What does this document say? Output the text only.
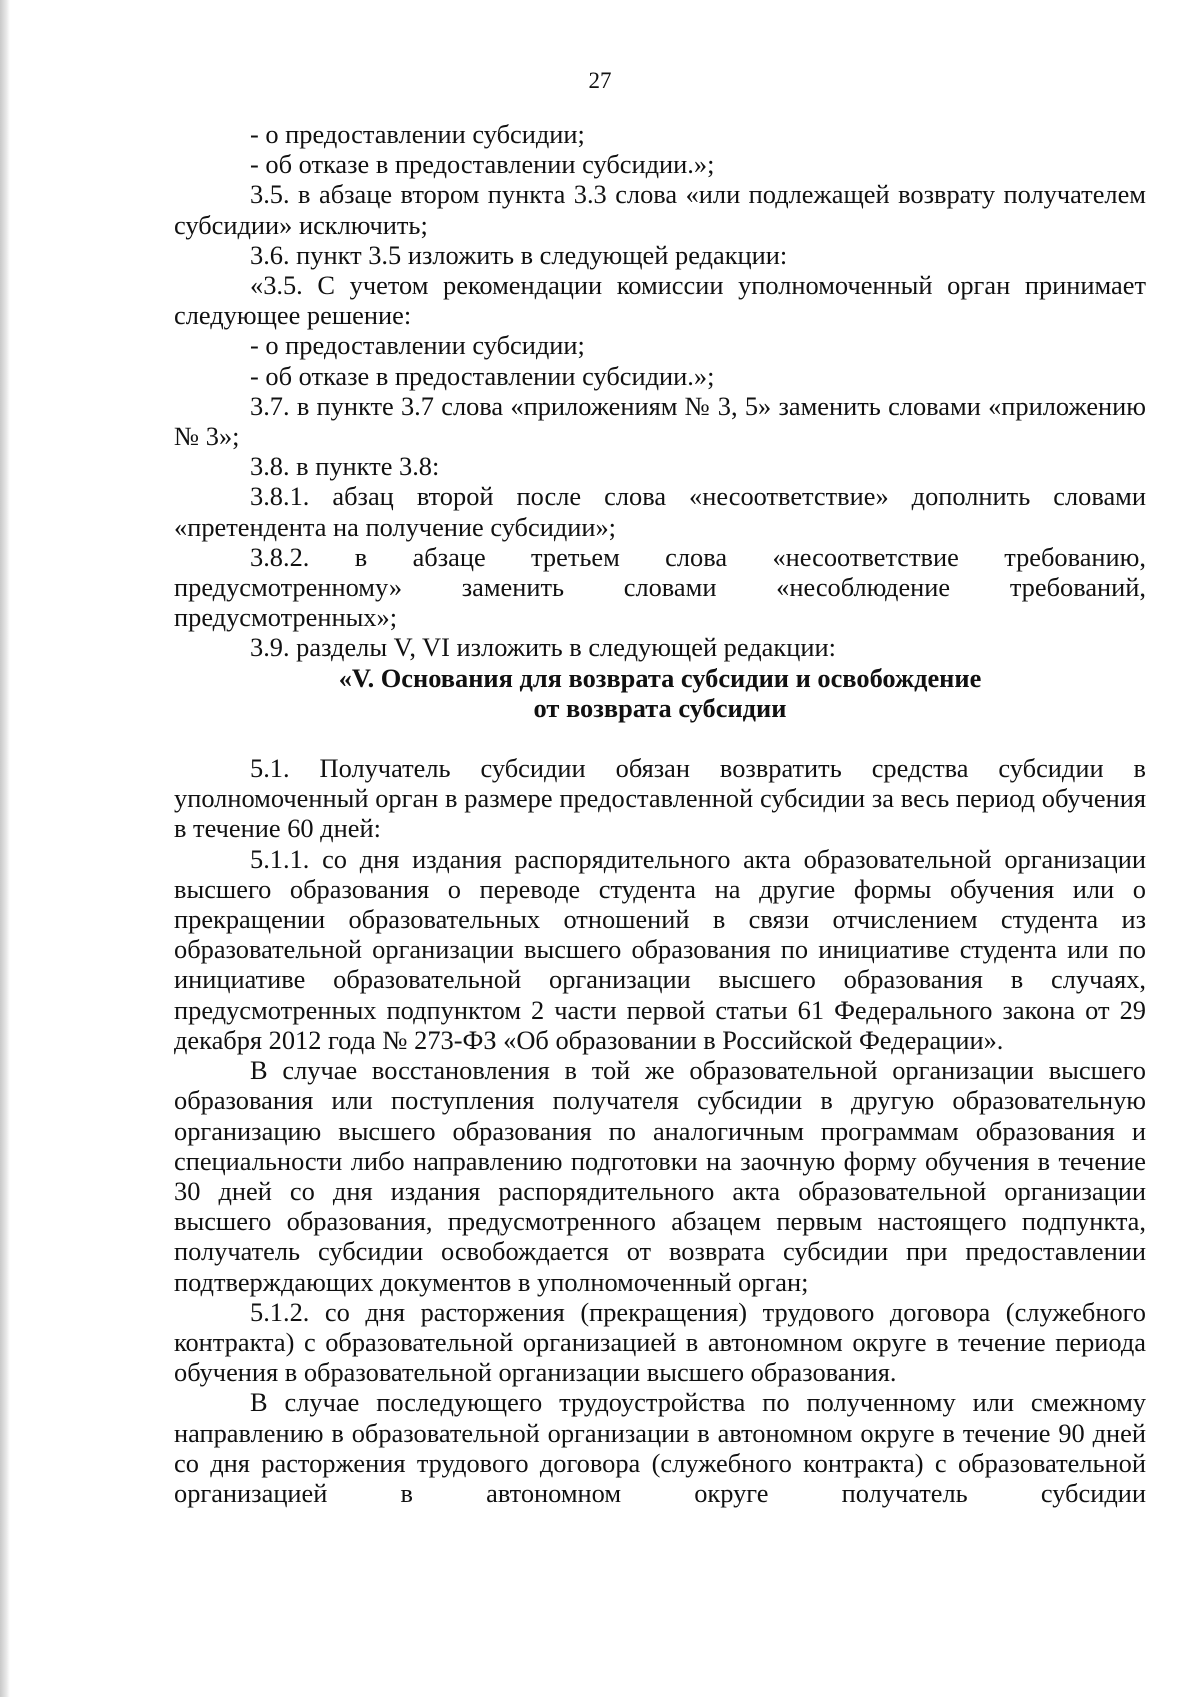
27

- о предоставлении субсидии;

- об отказе в предоставлении субсидии.»;

3.5. в абзаце втором пункта 3.3 слова «или подлежащей возврату получателем субсидии» исключить;

3.6. пункт 3.5 изложить в следующей редакции:

«3.5. С учетом рекомендации комиссии уполномоченный орган принимает следующее решение:

- о предоставлении субсидии;

- об отказе в предоставлении субсидии.»;

3.7. в пункте 3.7 слова «приложениям № 3, 5» заменить словами «приложению № 3»;

3.8. в пункте 3.8:

3.8.1. абзац второй после слова «несоответствие» дополнить словами «претендента на получение субсидии»;

3.8.2. в абзаце третьем слова «несоответствие требованию, предусмотренному» заменить словами «несоблюдение требований, предусмотренных»;

3.9. разделы V, VI изложить в следующей редакции:

«V. Основания для возврата субсидии и освобождение

от возврата субсидии

5.1. Получатель субсидии обязан возвратить средства субсидии в уполномоченный орган в размере предоставленной субсидии за весь период обучения в течение 60 дней:

5.1.1. со дня издания распорядительного акта образовательной организации высшего образования о переводе студента на другие формы обучения или о прекращении образовательных отношений в связи отчислением студента из образовательной организации высшего образования по инициативе студента или по инициативе образовательной организации высшего образования в случаях, предусмотренных подпунктом 2 части первой статьи 61 Федерального закона от 29 декабря 2012 года № 273-ФЗ «Об образовании в Российской Федерации».

В случае восстановления в той же образовательной организации высшего образования или поступления получателя субсидии в другую образовательную организацию высшего образования по аналогичным программам образования и специальности либо направлению подготовки на заочную форму обучения в течение 30 дней со дня издания распорядительного акта образовательной организации высшего образования, предусмотренного абзацем первым настоящего подпункта, получатель субсидии освобождается от возврата субсидии при предоставлении подтверждающих документов в уполномоченный орган;

5.1.2. со дня расторжения (прекращения) трудового договора (служебного контракта) с образовательной организацией в автономном округе в течение периода обучения в образовательной организации высшего образования.

В случае последующего трудоустройства по полученному или смежному направлению в образовательной организации в автономном округе в течение 90 дней со дня расторжения трудового договора (служебного контракта) с образовательной организацией в автономном округе получатель субсидии
